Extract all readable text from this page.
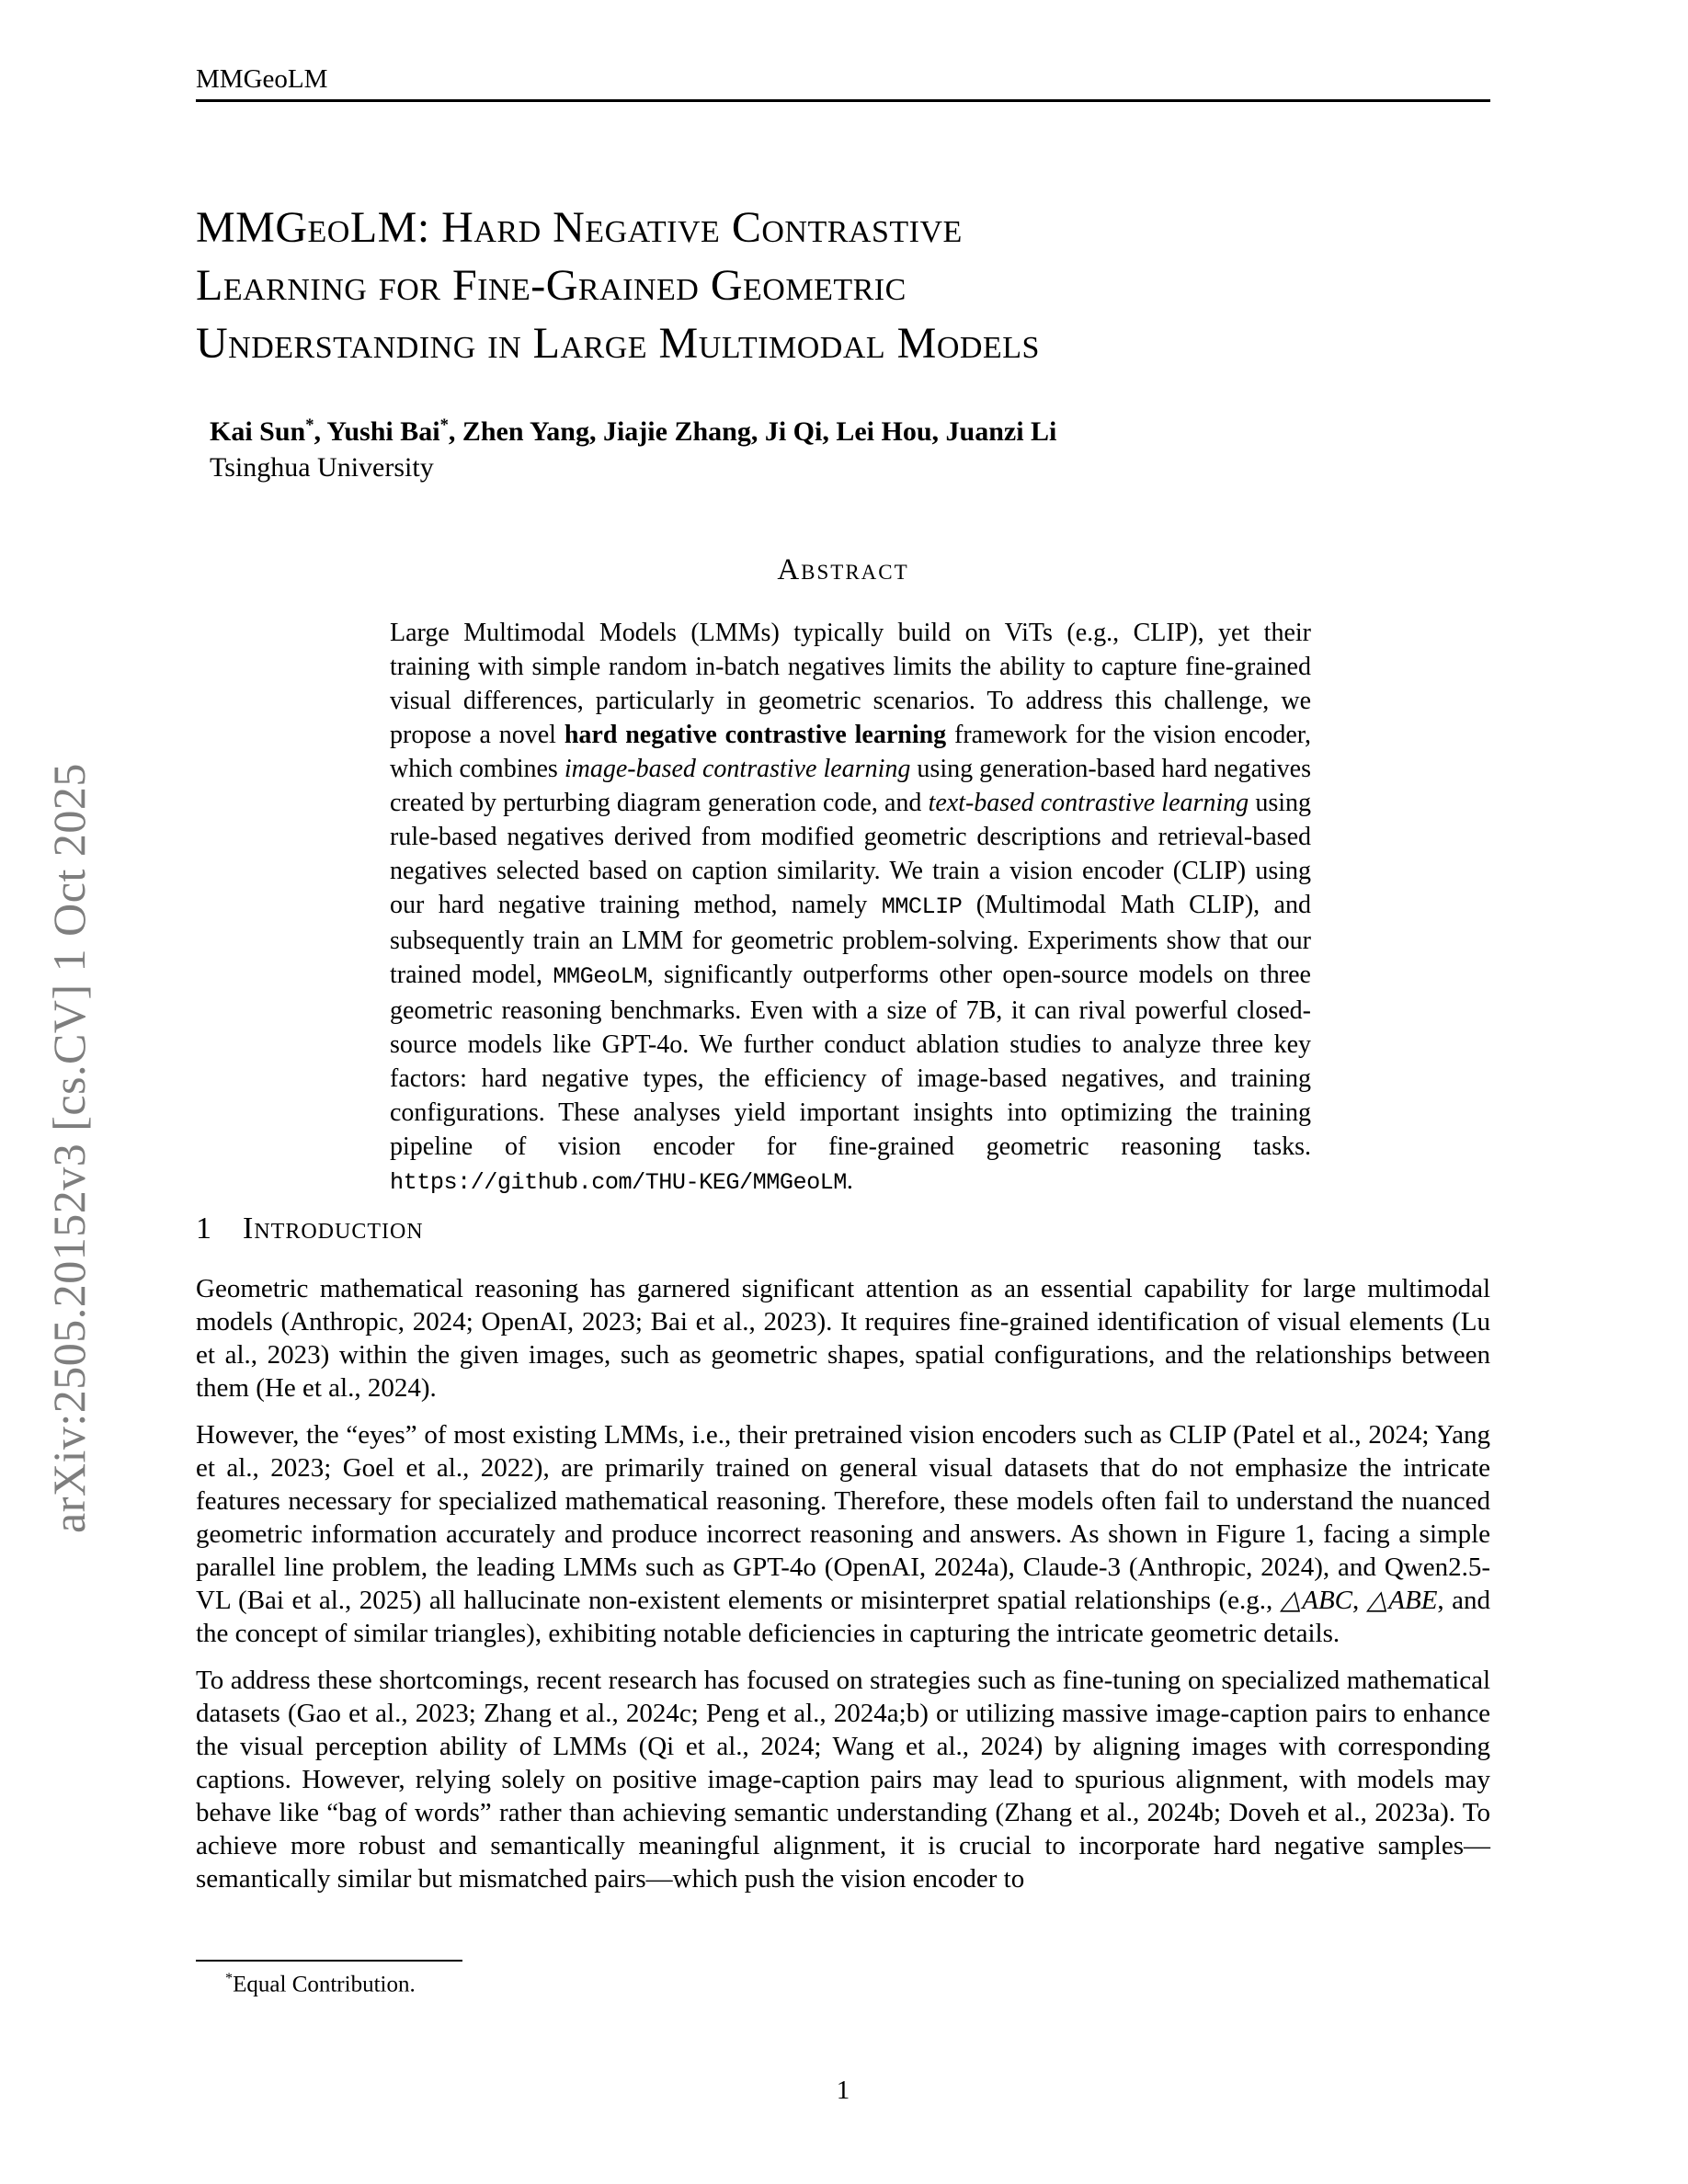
arXiv:2505.20152v3 [cs.CV] 1 Oct 2025
MMGeoLM
MMGeoLM: Hard Negative Contrastive
Learning for Fine-Grained Geometric
Understanding in Large Multimodal Models
Kai Sun*, Yushi Bai*, Zhen Yang, Jiajie Zhang, Ji Qi, Lei Hou, Juanzi Li
Tsinghua University
Abstract
Large Multimodal Models (LMMs) typically build on ViTs (e.g., CLIP), yet their training with simple random in-batch negatives limits the ability to capture fine-grained visual differences, particularly in geometric scenarios. To address this challenge, we propose a novel hard negative contrastive learning framework for the vision encoder, which combines image-based contrastive learning using generation-based hard negatives created by perturbing diagram generation code, and text-based contrastive learning using rule-based negatives derived from modified geometric descriptions and retrieval-based negatives selected based on caption similarity. We train a vision encoder (CLIP) using our hard negative training method, namely MMCLIP (Multimodal Math CLIP), and subsequently train an LMM for geometric problem-solving. Experiments show that our trained model, MMGeoLM, significantly outperforms other open-source models on three geometric reasoning benchmarks. Even with a size of 7B, it can rival powerful closed-source models like GPT-4o. We further conduct ablation studies to analyze three key factors: hard negative types, the efficiency of image-based negatives, and training configurations. These analyses yield important insights into optimizing the training pipeline of vision encoder for fine-grained geometric reasoning tasks. https://github.com/THU-KEG/MMGeoLM.
1 Introduction

Geometric mathematical reasoning has garnered significant attention as an essential capability for large multimodal models (Anthropic, 2024; OpenAI, 2023; Bai et al., 2023). It requires fine-grained identification of visual elements (Lu et al., 2023) within the given images, such as geometric shapes, spatial configurations, and the relationships between them (He et al., 2024).

However, the “eyes” of most existing LMMs, i.e., their pretrained vision encoders such as CLIP (Patel et al., 2024; Yang et al., 2023; Goel et al., 2022), are primarily trained on general visual datasets that do not emphasize the intricate features necessary for specialized mathematical reasoning. Therefore, these models often fail to understand the nuanced geometric information accurately and produce incorrect reasoning and answers. As shown in Figure 1, facing a simple parallel line problem, the leading LMMs such as GPT-4o (OpenAI, 2024a), Claude-3 (Anthropic, 2024), and Qwen2.5-VL (Bai et al., 2025) all hallucinate non-existent elements or misinterpret spatial relationships (e.g., △ABC, △ABE, and the concept of similar triangles), exhibiting notable deficiencies in capturing the intricate geometric details.

To address these shortcomings, recent research has focused on strategies such as fine-tuning on specialized mathematical datasets (Gao et al., 2023; Zhang et al., 2024c; Peng et al., 2024a;b) or utilizing massive image-caption pairs to enhance the visual perception ability of LMMs (Qi et al., 2024; Wang et al., 2024) by aligning images with corresponding captions. However, relying solely on positive image-caption pairs may lead to spurious alignment, with models may behave like “bag of words” rather than achieving semantic understanding (Zhang et al., 2024b; Doveh et al., 2023a). To achieve more robust and semantically meaningful alignment, it is crucial to incorporate hard negative samples—semantically similar but mismatched pairs—which push the vision encoder to

*Equal Contribution.
1
